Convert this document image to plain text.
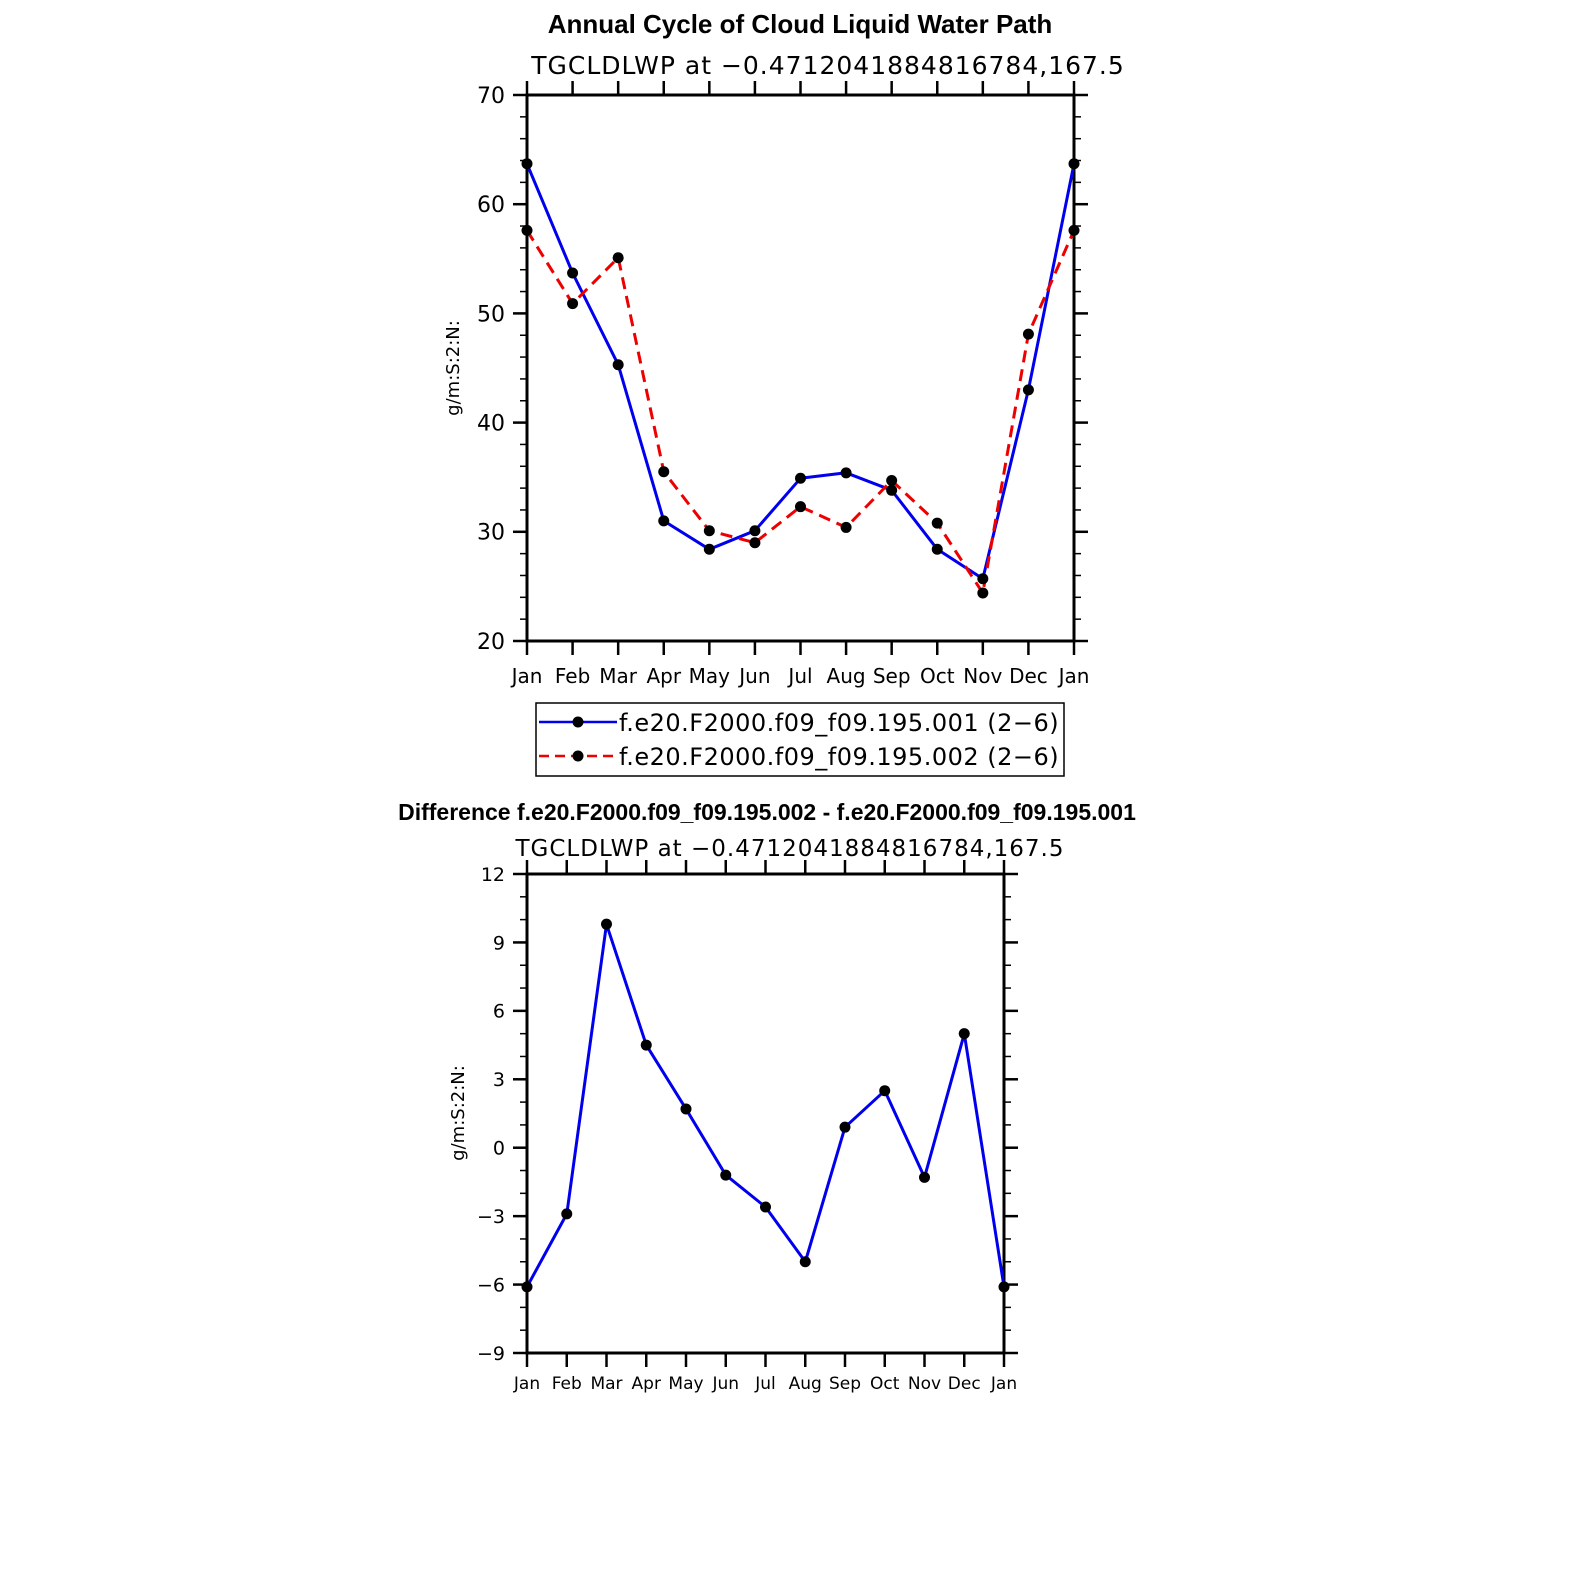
Annual Cycle of Cloud Liquid Water Path
TGCLDLWP at −0.4712041884816784,167.5
g/m:S:2:N:
20
30
40
50
60
70
Jan Feb Mar Apr May Jun Jul Aug Sep Oct Nov Dec Jan
f.e20.F2000.f09_f09.195.001 (2−6)
f.e20.F2000.f09_f09.195.002 (2−6)
Difference f.e20.F2000.f09_f09.195.002 - f.e20.F2000.f09_f09.195.001
TGCLDLWP at −0.4712041884816784,167.5
g/m:S:2:N:
−9
−6
−3
0
3
6
9
12
Jan Feb Mar Apr May Jun Jul Aug Sep Oct Nov Dec Jan
